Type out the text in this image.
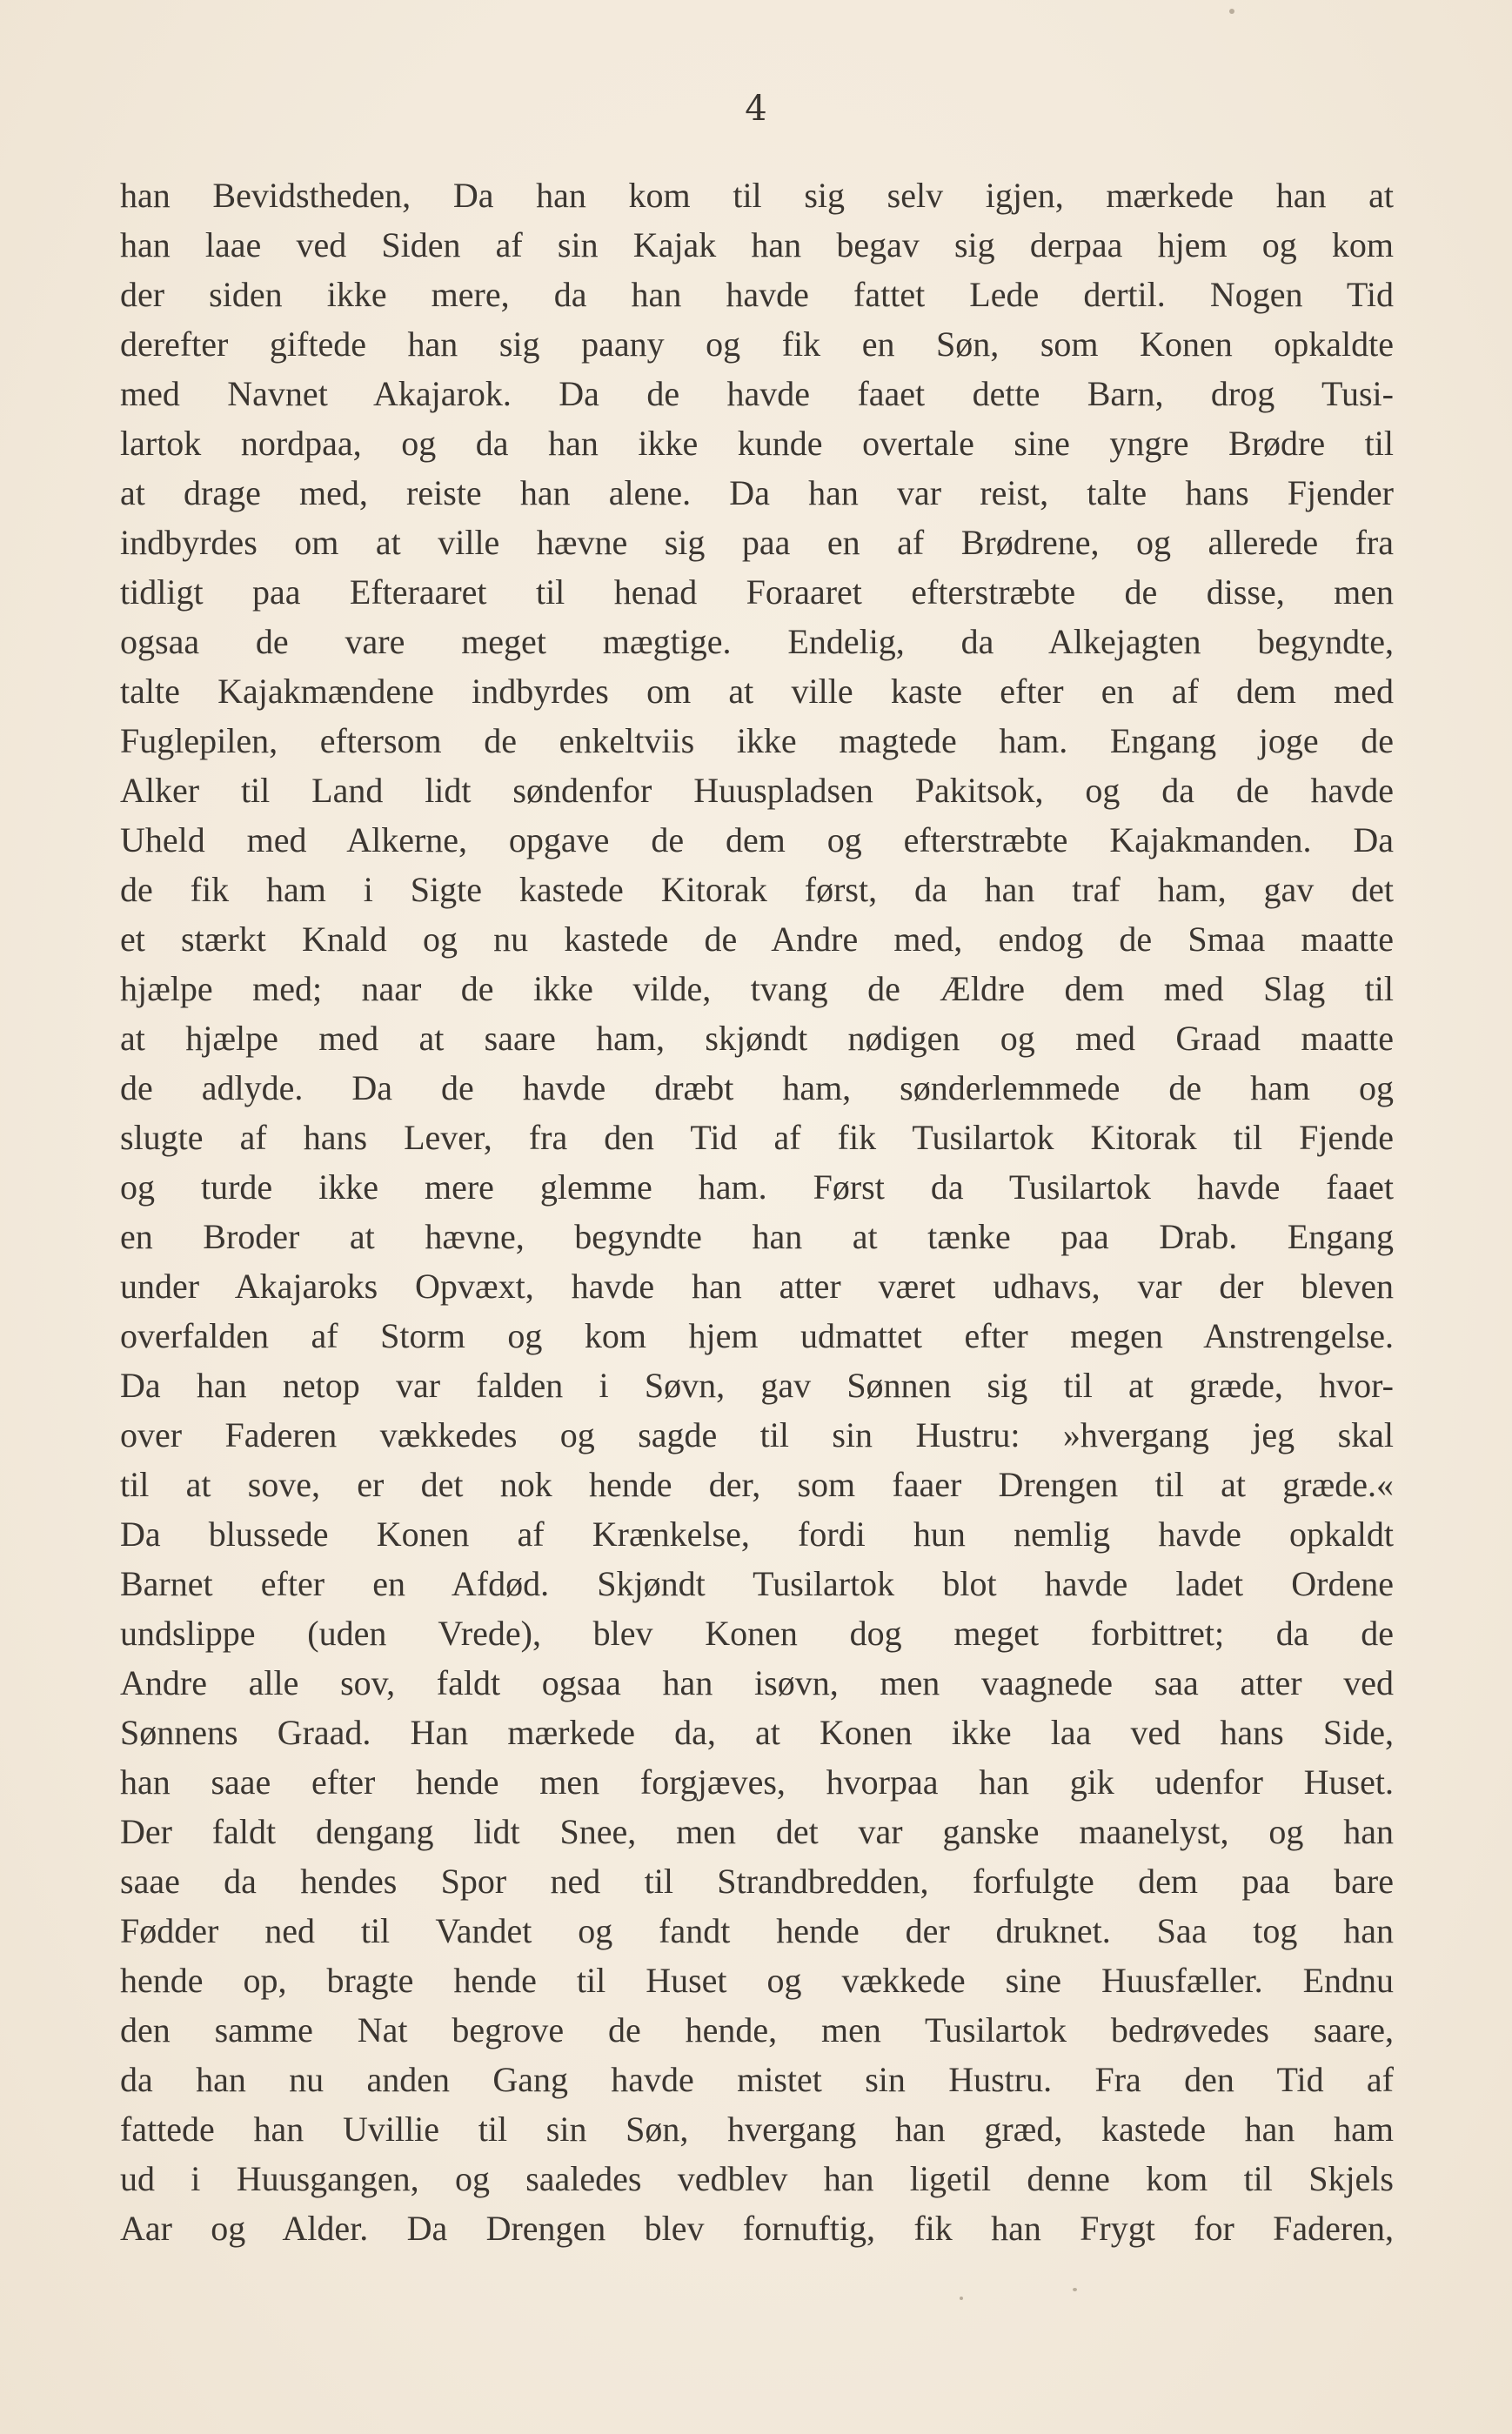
4
han Bevidstheden, Da han kom til sig selv igjen, mærkede han at
han laae ved Siden af sin Kajak han begav sig derpaa hjem og kom
der siden ikke mere, da han havde fattet Lede dertil. Nogen Tid
derefter giftede han sig paany og fik en Søn, som Konen opkaldte
med Navnet Akajarok. Da de havde faaet dette Barn, drog Tusi-
lartok nordpaa, og da han ikke kunde overtale sine yngre Brødre til
at drage med, reiste han alene. Da han var reist, talte hans Fjender
indbyrdes om at ville hævne sig paa en af Brødrene, og allerede fra
tidligt paa Efteraaret til henad Foraaret efterstræbte de disse, men
ogsaa de vare meget mægtige. Endelig, da Alkejagten begyndte,
talte Kajakmændene indbyrdes om at ville kaste efter en af dem med
Fuglepilen, eftersom de enkeltviis ikke magtede ham. Engang joge de
Alker til Land lidt søndenfor Huuspladsen Pakitsok, og da de havde
Uheld med Alkerne, opgave de dem og efterstræbte Kajakmanden. Da
de fik ham i Sigte kastede Kitorak først, da han traf ham, gav det
et stærkt Knald og nu kastede de Andre med, endog de Smaa maatte
hjælpe med; naar de ikke vilde, tvang de Ældre dem med Slag til
at hjælpe med at saare ham, skjøndt nødigen og med Graad maatte
de adlyde. Da de havde dræbt ham, sønderlemmede de ham og
slugte af hans Lever, fra den Tid af fik Tusilartok Kitorak til Fjende
og turde ikke mere glemme ham. Først da Tusilartok havde faaet
en Broder at hævne, begyndte han at tænke paa Drab. Engang
under Akajaroks Opvæxt, havde han atter været udhavs, var der bleven
overfalden af Storm og kom hjem udmattet efter megen Anstrengelse.
Da han netop var falden i Søvn, gav Sønnen sig til at græde, hvor-
over Faderen vækkedes og sagde til sin Hustru: »hvergang jeg skal
til at sove, er det nok hende der, som faaer Drengen til at græde.«
Da blussede Konen af Krænkelse, fordi hun nemlig havde opkaldt
Barnet efter en Afdød. Skjøndt Tusilartok blot havde ladet Ordene
undslippe (uden Vrede), blev Konen dog meget forbittret; da de
Andre alle sov, faldt ogsaa han isøvn, men vaagnede saa atter ved
Sønnens Graad. Han mærkede da, at Konen ikke laa ved hans Side,
han saae efter hende men forgjæves, hvorpaa han gik udenfor Huset.
Der faldt dengang lidt Snee, men det var ganske maanelyst, og han
saae da hendes Spor ned til Strandbredden, forfulgte dem paa bare
Fødder ned til Vandet og fandt hende der druknet. Saa tog han
hende op, bragte hende til Huset og vækkede sine Huusfæller. Endnu
den samme Nat begrove de hende, men Tusilartok bedrøvedes saare,
da han nu anden Gang havde mistet sin Hustru. Fra den Tid af
fattede han Uvillie til sin Søn, hvergang han græd, kastede han ham
ud i Huusgangen, og saaledes vedblev han ligetil denne kom til Skjels
Aar og Alder. Da Drengen blev fornuftig, fik han Frygt for Faderen,
